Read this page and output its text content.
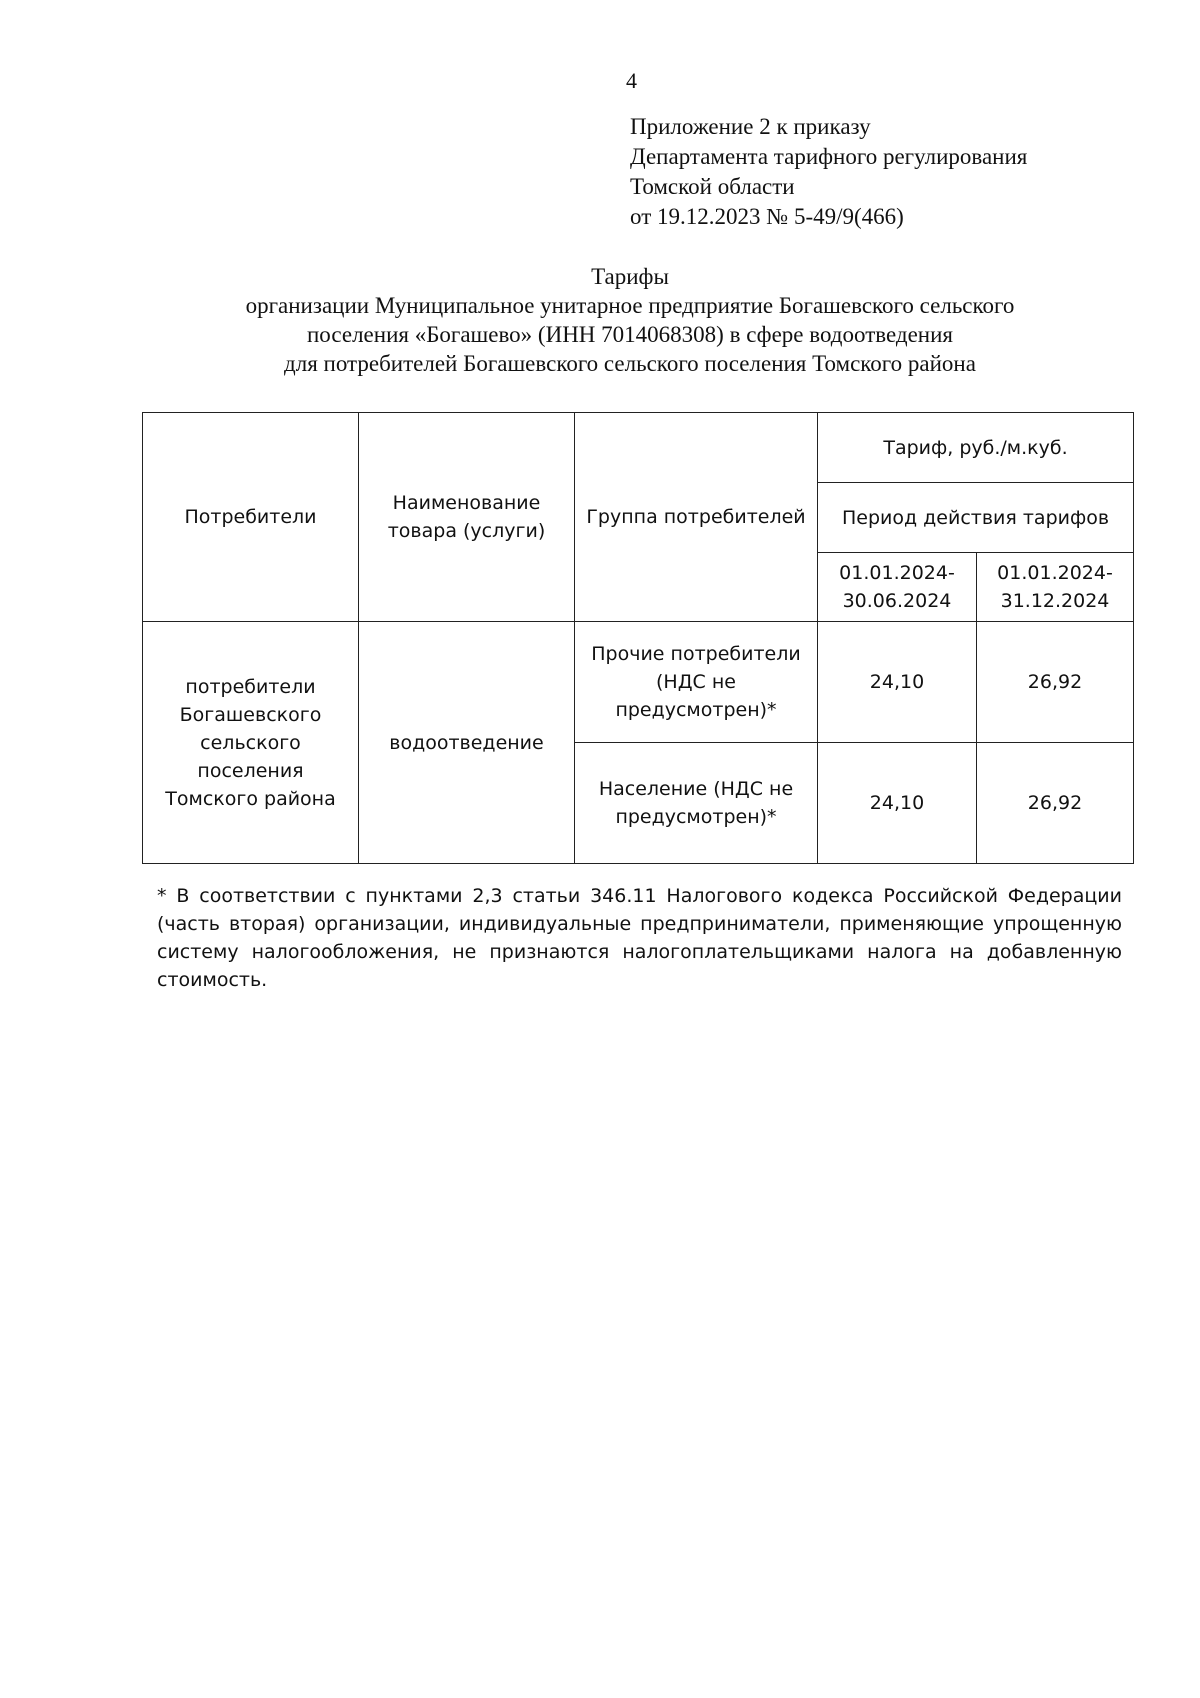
4
Приложение 2 к приказу
Департамента тарифного регулирования
Томской области
от 19.12.2023 № 5-49/9(466)
Тарифы
организации Муниципальное унитарное предприятие Богашевского сельского
поселения «Богашево» (ИНН 7014068308) в сфере водоотведения
для потребителей Богашевского сельского поселения Томского района
Потребители	Наименование товара (услуги)	Группа потребителей	Тариф, руб./м.куб.	
			Период действия тарифов	
			01.01.2024-30.06.2024	01.01.2024-31.12.2024
потребители Богашевского сельского поселения Томского района	водоотведение	Прочие потребители (НДС не предусмотрен)*	24,10	26,92
		Население (НДС не предусмотрен)*	24,10	26,92
* В соответствии с пунктами 2,3 статьи 346.11 Налогового кодекса Российской Федерации (часть вторая) организации, индивидуальные предприниматели, применяющие упрощенную систему налогообложения, не признаются налогоплательщиками налога на добавленную стоимость.
